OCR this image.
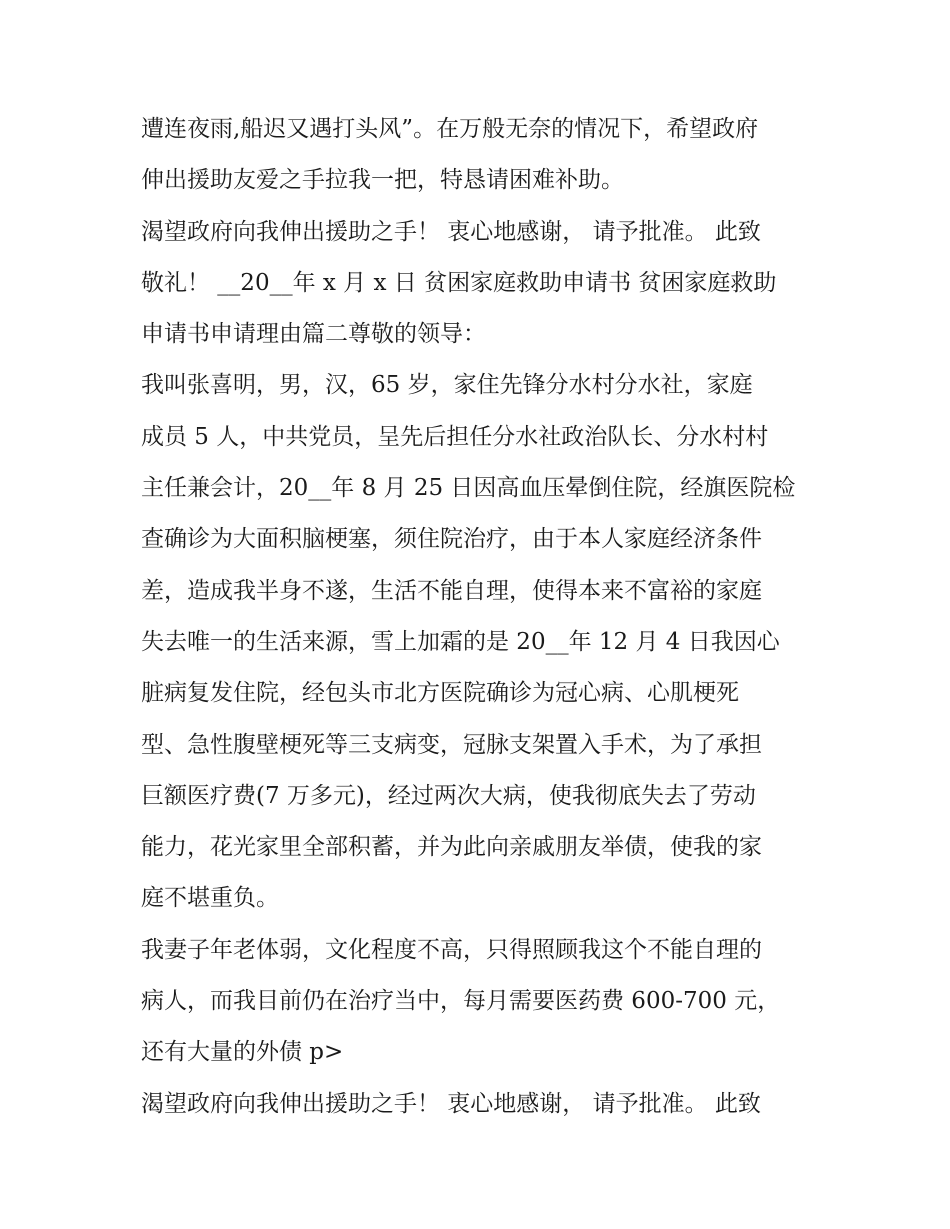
遭连夜雨,船迟又遇打头风”。在万般无奈的情况下，希望政府
伸出援助友爱之手拉我一把，特恳请困难补助。
渴望政府向我伸出援助之手！ 衷心地感谢， 请予批准。 此致
敬礼！ __20__年 x 月 x 日 贫困家庭救助申请书 贫困家庭救助
申请书申请理由篇二尊敬的领导：
我叫张喜明，男，汉，65 岁，家住先锋分水村分水社，家庭
成员 5 人，中共党员，呈先后担任分水社政治队长、分水村村
主任兼会计，20__年 8 月 25 日因高血压晕倒住院，经旗医院检
查确诊为大面积脑梗塞，须住院治疗，由于本人家庭经济条件
差，造成我半身不遂，生活不能自理，使得本来不富裕的家庭
失去唯一的生活来源，雪上加霜的是 20__年 12 月 4 日我因心
脏病复发住院，经包头市北方医院确诊为冠心病、心肌梗死
型、急性腹壁梗死等三支病变，冠脉支架置入手术，为了承担
巨额医疗费(7 万多元)，经过两次大病，使我彻底失去了劳动
能力，花光家里全部积蓄，并为此向亲戚朋友举债，使我的家
庭不堪重负。
我妻子年老体弱，文化程度不高，只得照顾我这个不能自理的
病人，而我目前仍在治疗当中，每月需要医药费 600-700 元，
还有大量的外债 p>
渴望政府向我伸出援助之手！ 衷心地感谢， 请予批准。 此致
